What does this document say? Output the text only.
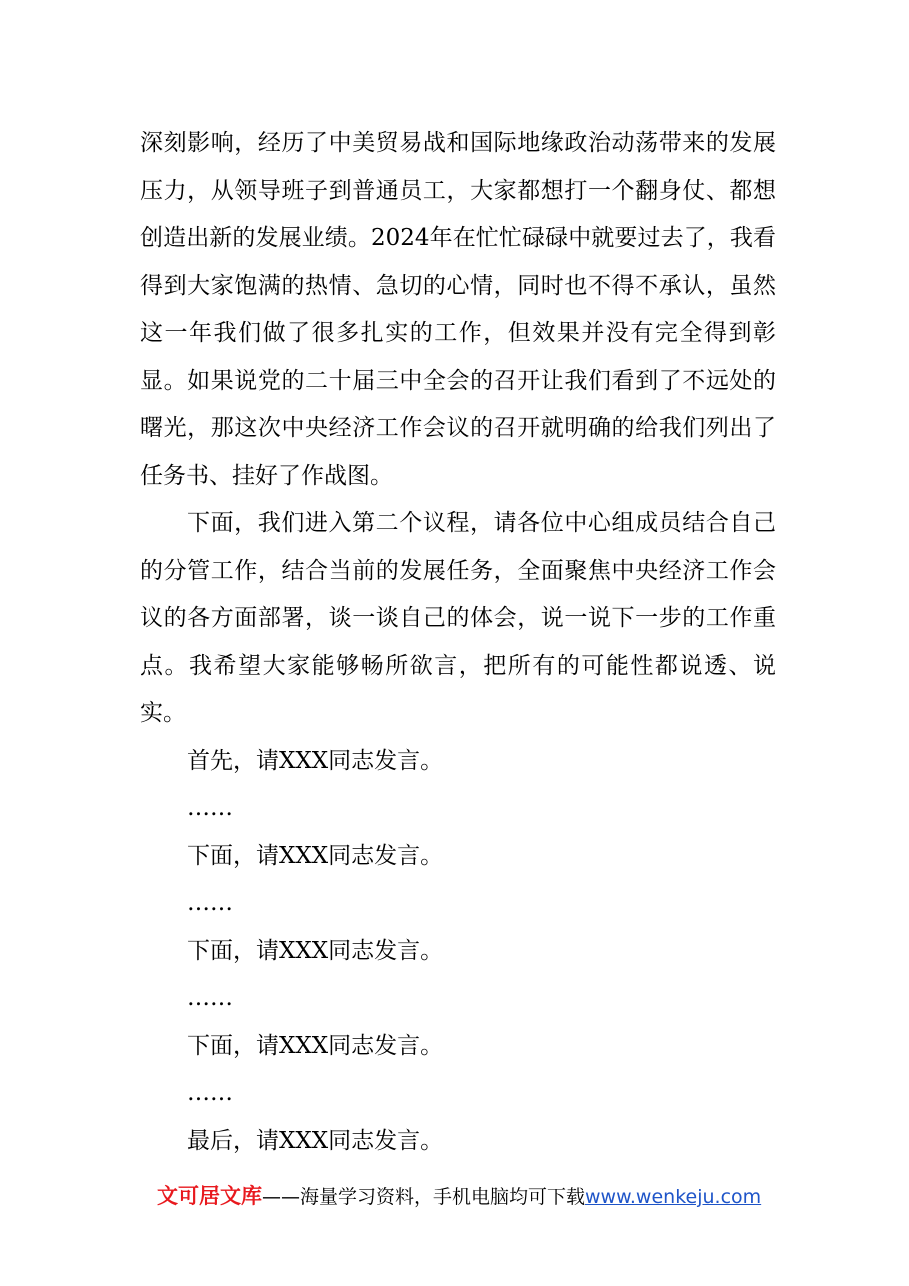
深刻影响，经历了中美贸易战和国际地缘政治动荡带来的发展压力，从领导班子到普通员工，大家都想打一个翻身仗、都想创造出新的发展业绩。2024年在忙忙碌碌中就要过去了，我看得到大家饱满的热情、急切的心情，同时也不得不承认，虽然这一年我们做了很多扎实的工作，但效果并没有完全得到彰显。如果说党的二十届三中全会的召开让我们看到了不远处的曙光，那这次中央经济工作会议的召开就明确的给我们列出了任务书、挂好了作战图。

下面，我们进入第二个议程，请各位中心组成员结合自己的分管工作，结合当前的发展任务，全面聚焦中央经济工作会议的各方面部署，谈一谈自己的体会，说一说下一步的工作重点。我希望大家能够畅所欲言，把所有的可能性都说透、说实。

首先，请XXX同志发言。

……

下面，请XXX同志发言。

……

下面，请XXX同志发言。

……

下面，请XXX同志发言。

……

最后，请XXX同志发言。

文可居文库——海量学习资料，手机电脑均可下载www.wenkeju.com
